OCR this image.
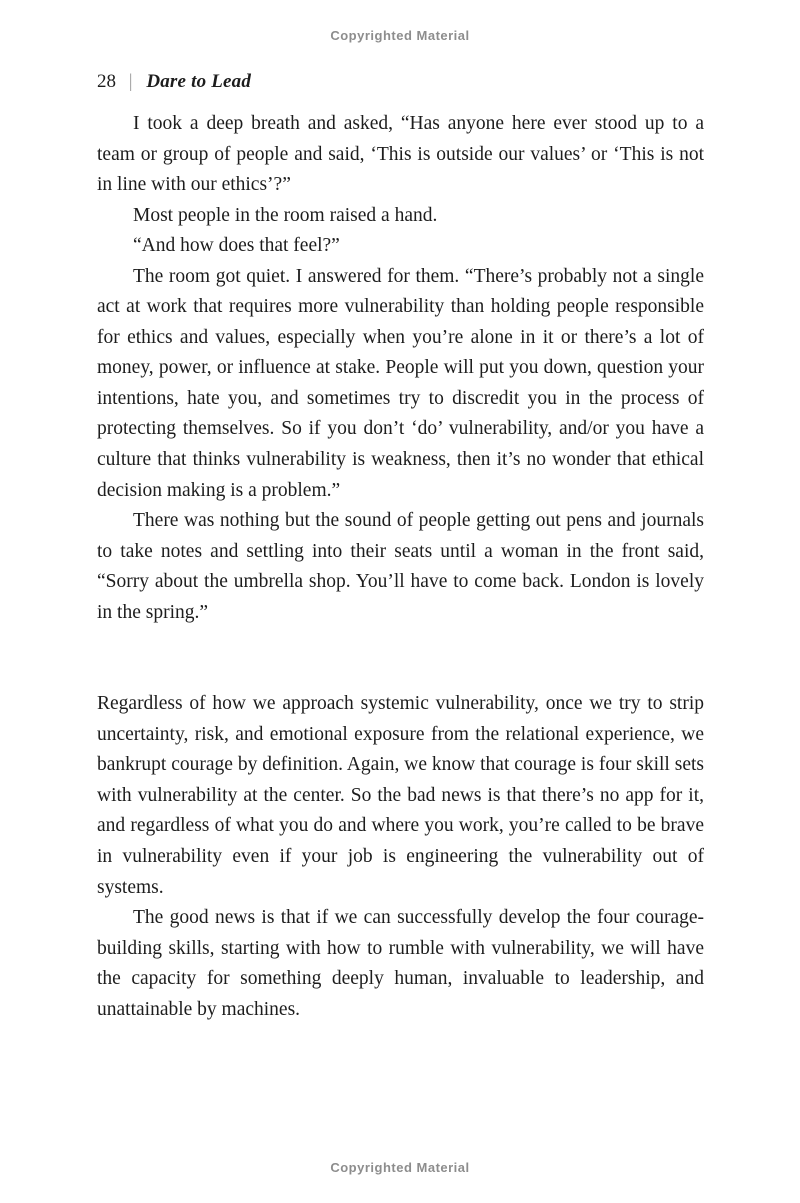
Copyrighted Material
28 | Dare to Lead

I took a deep breath and asked, “Has anyone here ever stood up to a team or group of people and said, ‘This is outside our values’ or ‘This is not in line with our ethics’?”

Most people in the room raised a hand.

“And how does that feel?”

The room got quiet. I answered for them. “There’s probably not a single act at work that requires more vulnerability than holding people responsible for ethics and values, especially when you’re alone in it or there’s a lot of money, power, or influence at stake. People will put you down, question your intentions, hate you, and sometimes try to discredit you in the process of protecting themselves. So if you don’t ‘do’ vulnerability, and/or you have a culture that thinks vulnerability is weakness, then it’s no wonder that ethical decision making is a problem.”

There was nothing but the sound of people getting out pens and journals to take notes and settling into their seats until a woman in the front said, “Sorry about the umbrella shop. You’ll have to come back. London is lovely in the spring.”

Regardless of how we approach systemic vulnerability, once we try to strip uncertainty, risk, and emotional exposure from the relational experience, we bankrupt courage by definition. Again, we know that courage is four skill sets with vulnerability at the center. So the bad news is that there’s no app for it, and regardless of what you do and where you work, you’re called to be brave in vulnerability even if your job is engineering the vulnerability out of systems.

The good news is that if we can successfully develop the four courage-building skills, starting with how to rumble with vulnerability, we will have the capacity for something deeply human, invaluable to leadership, and unattainable by machines.

Copyrighted Material
